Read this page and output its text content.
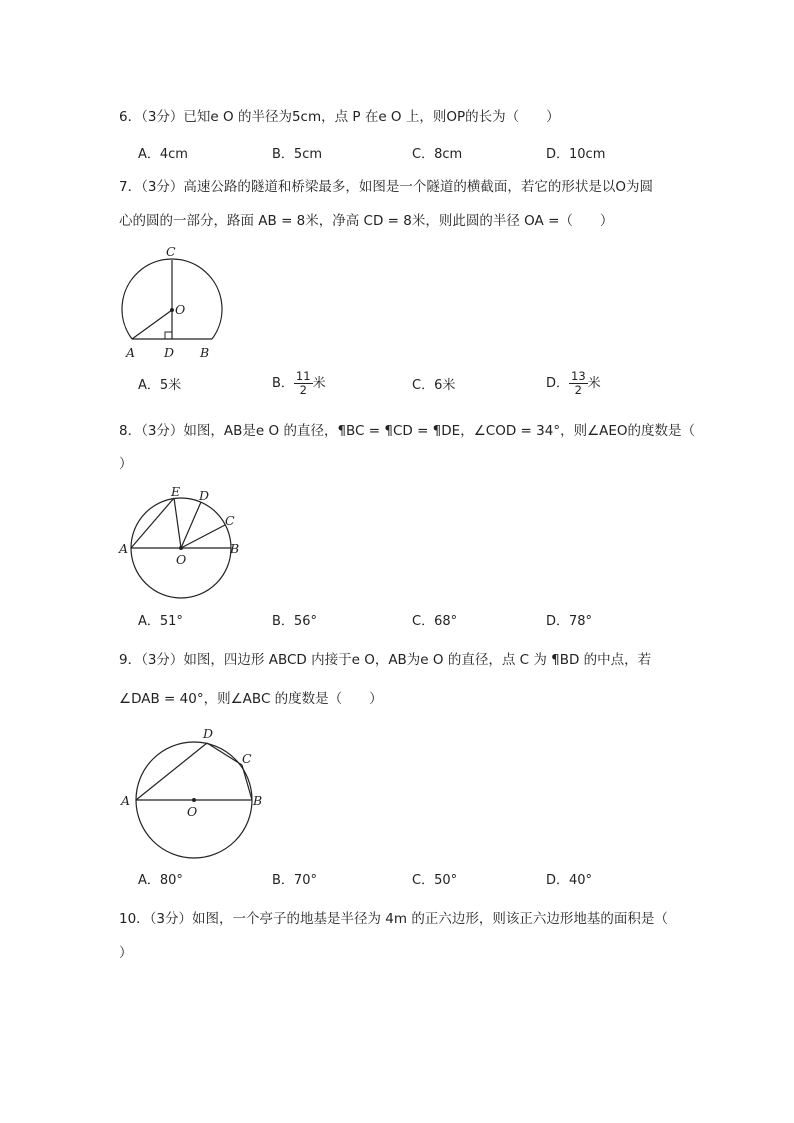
6．（3分）已知e O 的半径为5cm，点 P 在e O 上，则OP的长为（　　）
A．4cm	B．5cm	C．8cm	D．10cm
7．（3分）高速公路的隧道和桥梁最多，如图是一个隧道的横截面，若它的形状是以O为圆
心的圆的一部分，路面 AB = 8米，净高 CD = 8米，则此圆的半径 OA =（　　）
C
O
A D B
A．5米	B． $\frac{11}{2}$ 米	C．6米	D． $\frac{13}{2}$ 米
8．（3分）如图，AB是e O 的直径，¶BC = ¶CD = ¶DE，∠COD = 34°，则∠AEO的度数是（
）
E D
C
A
O
B
A．51°	B．56°	C．68°	D．78°
9．（3分）如图，四边形 ABCD 内接于e O，AB为e O 的直径，点 C 为 ¶BD 的中点，若
∠DAB = 40°，则∠ABC 的度数是（　　）
D
C
A
O
B
A．80°	B．70°	C．50°	D．40°
10．（3分）如图，一个亭子的地基是半径为 4m 的正六边形，则该正六边形地基的面积是（
）
